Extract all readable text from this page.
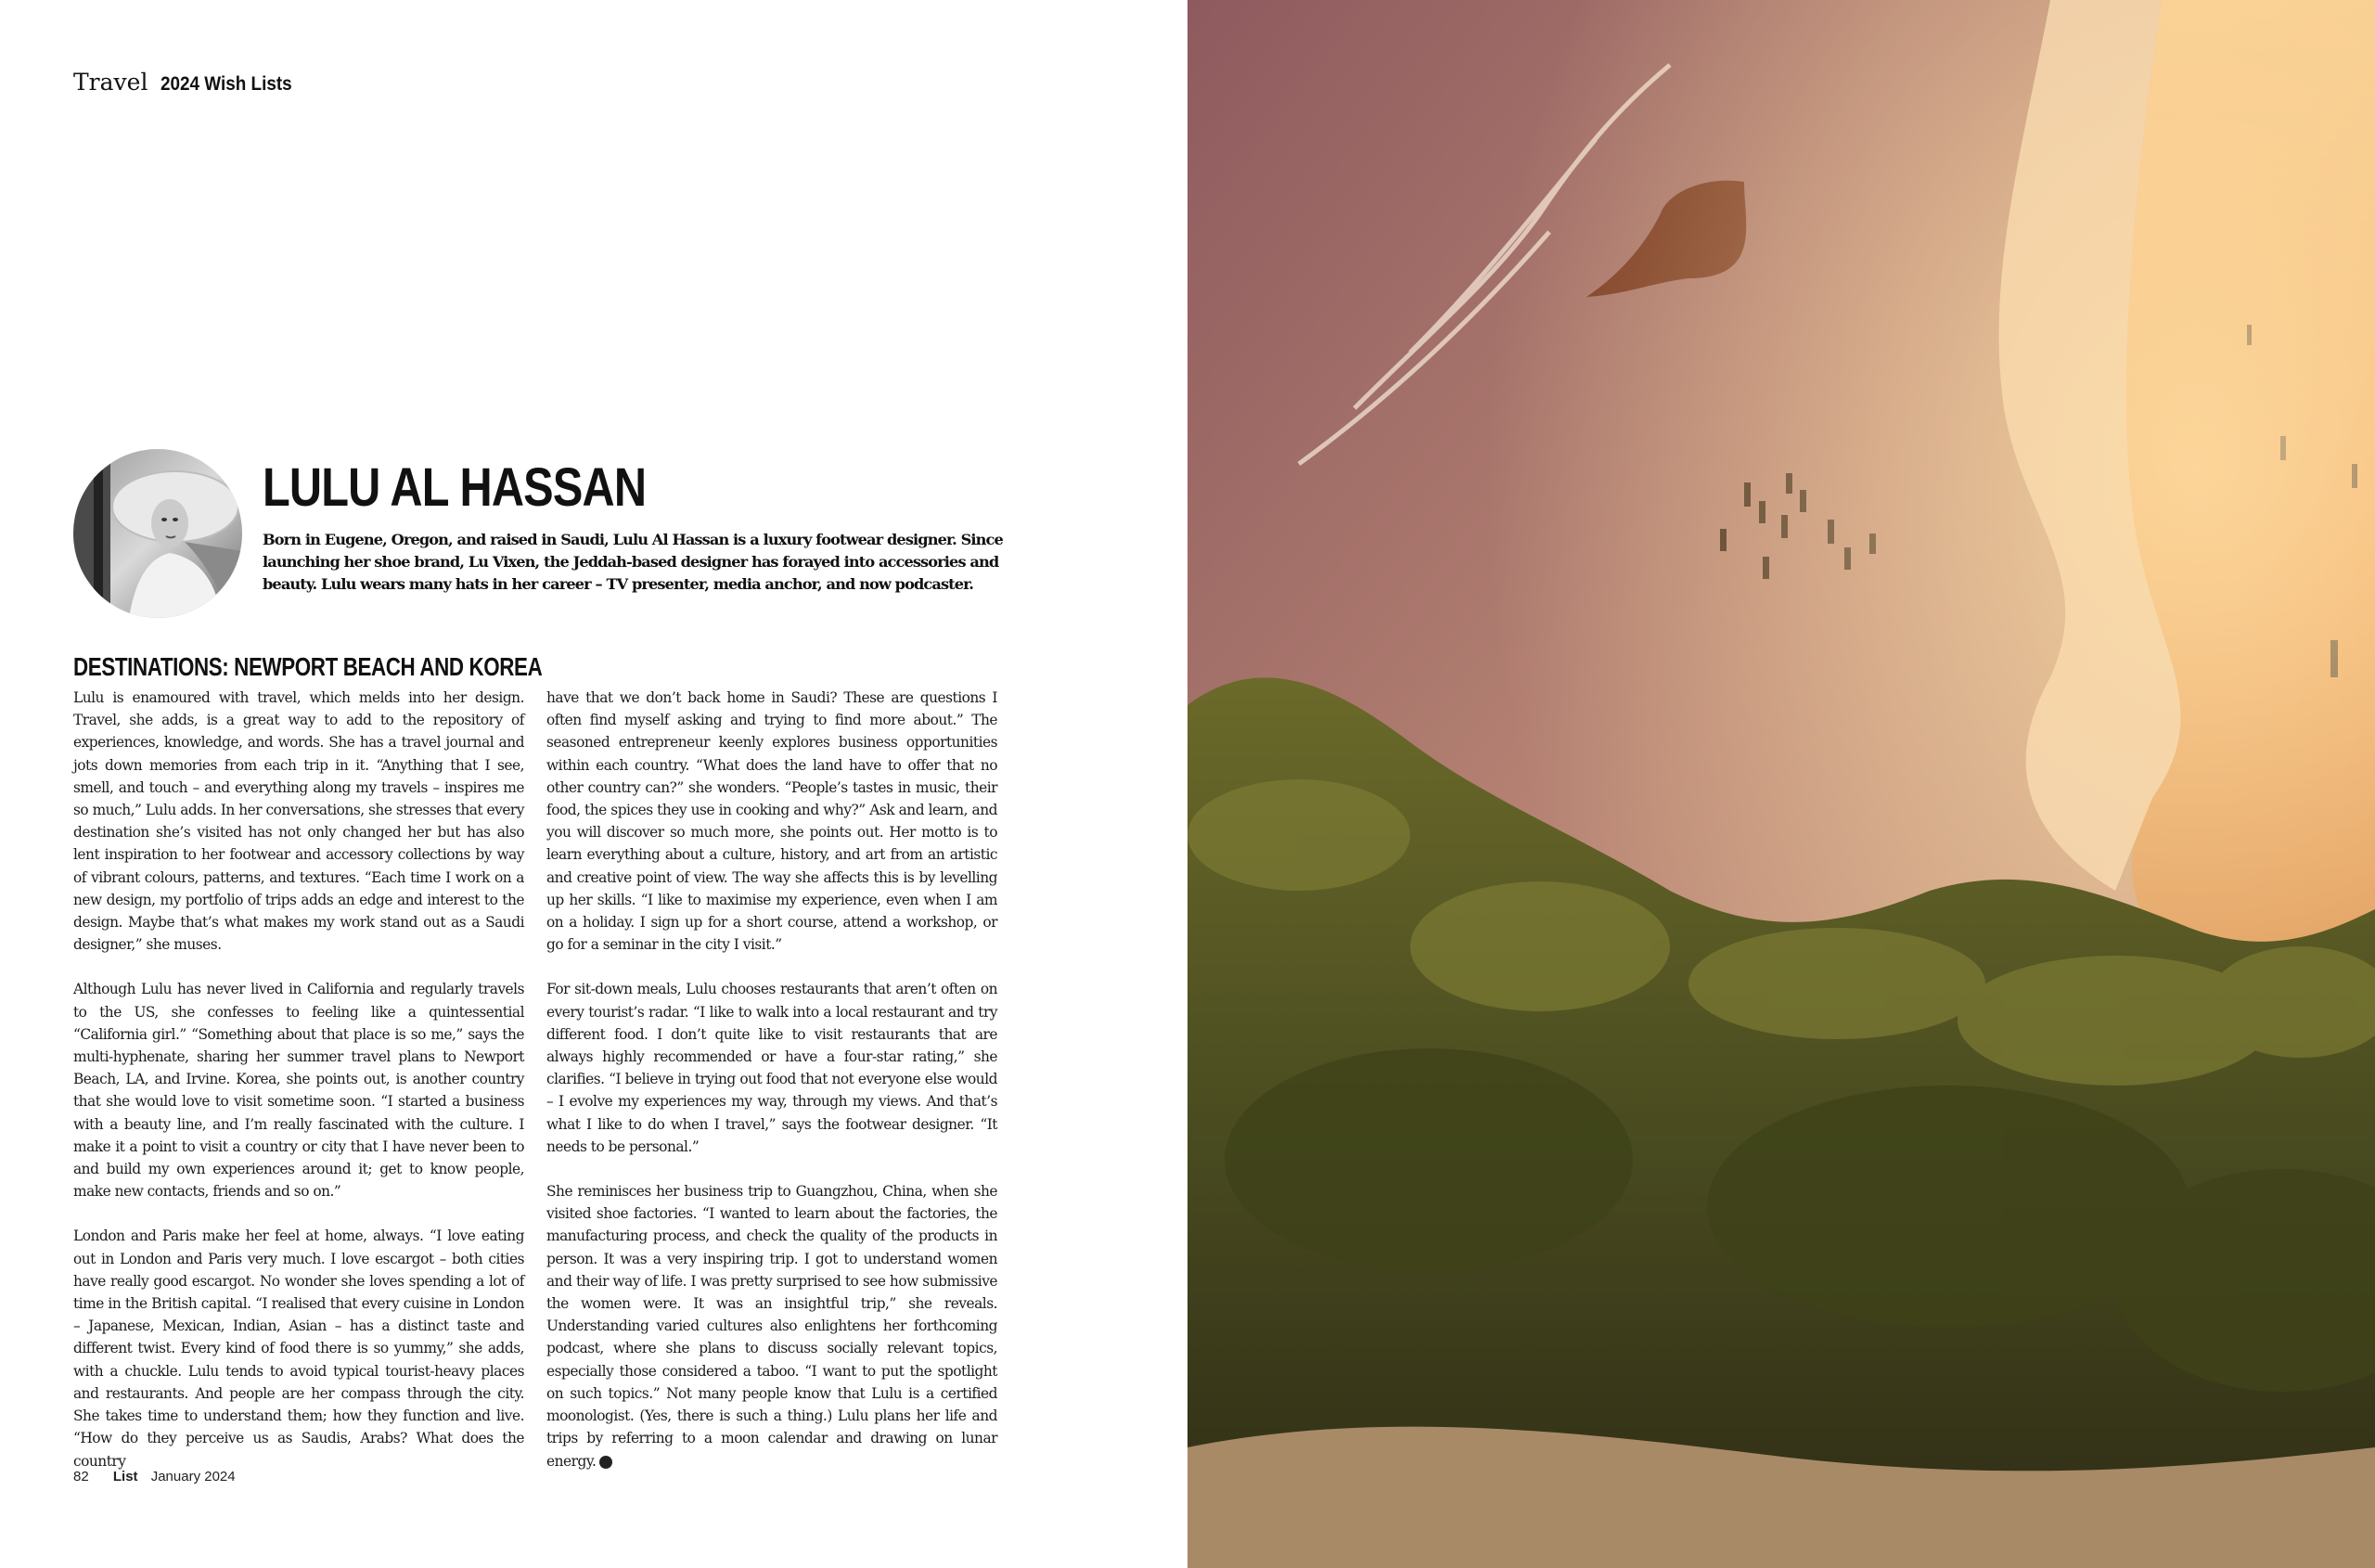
Travel 2024 Wish Lists
LULU AL HASSAN
Born in Eugene, Oregon, and raised in Saudi, Lulu Al Hassan is a luxury footwear designer. Since launching her shoe brand, Lu Vixen, the Jeddah-based designer has forayed into accessories and beauty. Lulu wears many hats in her career – TV presenter, media anchor, and now podcaster.
DESTINATIONS: NEWPORT BEACH AND KOREA

Lulu is enamoured with travel, which melds into her design. Travel, she adds, is a great way to add to the repository of experiences, knowledge, and words. She has a travel journal and jots down memories from each trip in it. “Anything that I see, smell, and touch – and everything along my travels – inspires me so much,” Lulu adds. In her conversations, she stresses that every destination she’s visited has not only changed her but has also lent inspiration to her footwear and accessory collections by way of vibrant colours, patterns, and textures. “Each time I work on a new design, my portfolio of trips adds an edge and interest to the design. Maybe that’s what makes my work stand out as a Saudi designer,” she muses.

Although Lulu has never lived in California and regularly travels to the US, she confesses to feeling like a quintessential “California girl.” “Something about that place is so me,” says the multi-hyphenate, sharing her summer travel plans to Newport Beach, LA, and Irvine. Korea, she points out, is another country that she would love to visit sometime soon. “I started a business with a beauty line, and I’m really fascinated with the culture. I make it a point to visit a country or city that I have never been to and build my own experiences around it; get to know people, make new contacts, friends and so on.”

London and Paris make her feel at home, always. “I love eating out in London and Paris very much. I love escargot – both cities have really good escargot. No wonder she loves spending a lot of time in the British capital. “I realised that every cuisine in London – Japanese, Mexican, Indian, Asian – has a distinct taste and different twist. Every kind of food there is so yummy,” she adds, with a chuckle. Lulu tends to avoid typical tourist-heavy places and restaurants. And people are her compass through the city. She takes time to understand them; how they function and live. “How do they perceive us as Saudis, Arabs? What does the country

have that we don’t back home in Saudi? These are questions I often find myself asking and trying to find more about.” The seasoned entrepreneur keenly explores business opportunities within each country. “What does the land have to offer that no other country can?” she wonders. “People’s tastes in music, their food, the spices they use in cooking and why?” Ask and learn, and you will discover so much more, she points out. Her motto is to learn everything about a culture, history, and art from an artistic and creative point of view. The way she affects this is by levelling up her skills. “I like to maximise my experience, even when I am on a holiday. I sign up for a short course, attend a workshop, or go for a seminar in the city I visit.”

For sit-down meals, Lulu chooses restaurants that aren’t often on every tourist’s radar. “I like to walk into a local restaurant and try different food. I don’t quite like to visit restaurants that are always highly recommended or have a four-star rating,” she clarifies. “I believe in trying out food that not everyone else would – I evolve my experiences my way, through my views. And that’s what I like to do when I travel,” says the footwear designer. “It needs to be personal.”

She reminisces her business trip to Guangzhou, China, when she visited shoe factories. “I wanted to learn about the factories, the manufacturing process, and check the quality of the products in person. It was a very inspiring trip. I got to understand women and their way of life. I was pretty surprised to see how submissive the women were. It was an insightful trip,” she reveals. Understanding varied cultures also enlightens her forthcoming podcast, where she plans to discuss socially relevant topics, especially those considered a taboo. “I want to put the spotlight on such topics.” Not many people know that Lulu is a certified moonologist. (Yes, there is such a thing.) Lulu plans her life and trips by referring to a moon calendar and drawing on lunar energy.

82 List January 2024
